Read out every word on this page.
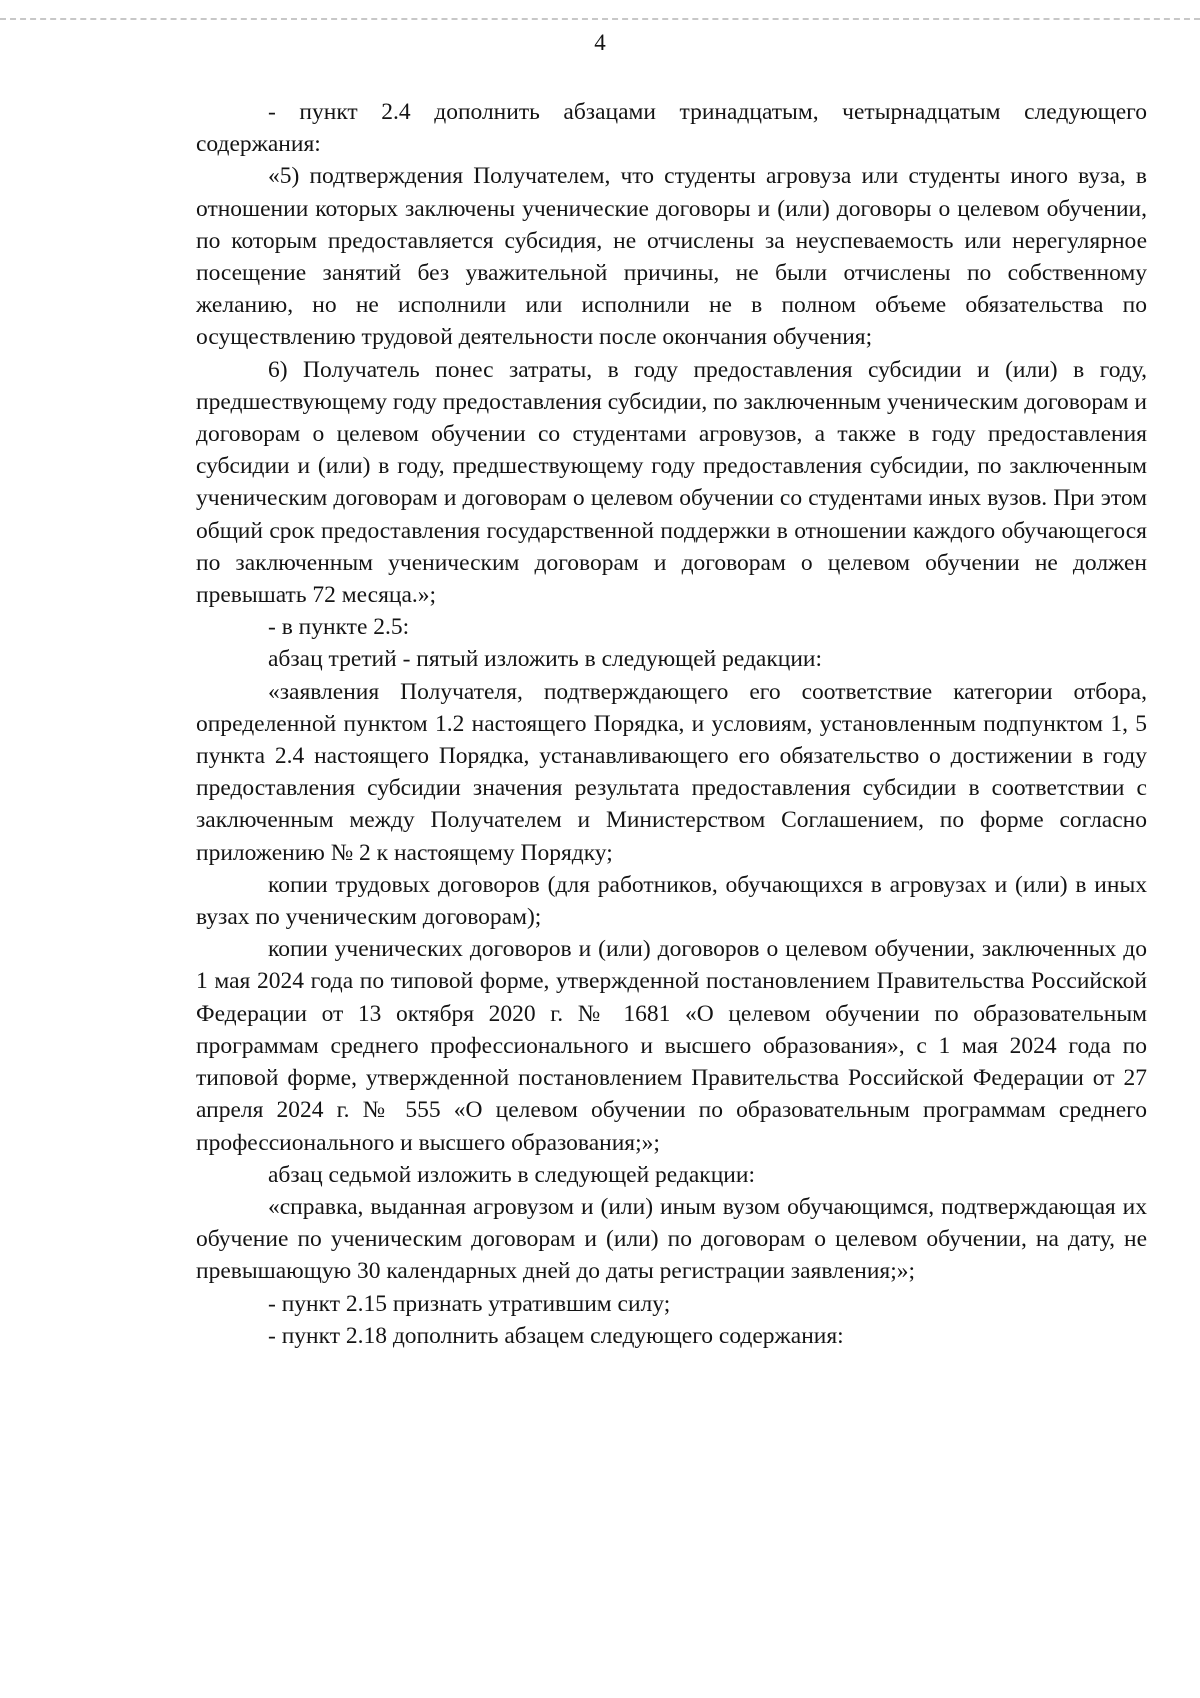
4

- пункт 2.4 дополнить абзацами тринадцатым, четырнадцатым следующего содержания:

«5) подтверждения Получателем, что студенты агровуза или студенты иного вуза, в отношении которых заключены ученические договоры и (или) договоры о целевом обучении, по которым предоставляется субсидия, не отчислены за неуспеваемость или нерегулярное посещение занятий без уважительной причины, не были отчислены по собственному желанию, но не исполнили или исполнили не в полном объеме обязательства по осуществлению трудовой деятельности после окончания обучения;

6) Получатель понес затраты, в году предоставления субсидии и (или) в году, предшествующему году предоставления субсидии, по заключенным ученическим договорам и договорам о целевом обучении со студентами агровузов, а также в году предоставления субсидии и (или) в году, предшествующему году предоставления субсидии, по заключенным ученическим договорам и договорам о целевом обучении со студентами иных вузов. При этом общий срок предоставления государственной поддержки в отношении каждого обучающегося по заключенным ученическим договорам и договорам о целевом обучении не должен превышать 72 месяца.»;

- в пункте 2.5:

абзац третий - пятый изложить в следующей редакции:

«заявления Получателя, подтверждающего его соответствие категории отбора, определенной пунктом 1.2 настоящего Порядка, и условиям, установленным подпунктом 1, 5 пункта 2.4 настоящего Порядка, устанавливающего его обязательство о достижении в году предоставления субсидии значения результата предоставления субсидии в соответствии с заключенным между Получателем и Министерством Соглашением, по форме согласно приложению № 2 к настоящему Порядку;

копии трудовых договоров (для работников, обучающихся в агровузах и (или) в иных вузах по ученическим договорам);

копии ученических договоров и (или) договоров о целевом обучении, заключенных до 1 мая 2024 года по типовой форме, утвержденной постановлением Правительства Российской Федерации от 13 октября 2020 г. № 1681 «О целевом обучении по образовательным программам среднего профессионального и высшего образования», с 1 мая 2024 года по типовой форме, утвержденной постановлением Правительства Российской Федерации от 27 апреля 2024 г. № 555 «О целевом обучении по образовательным программам среднего профессионального и высшего образования;»;

абзац седьмой изложить в следующей редакции:

«справка, выданная агровузом и (или) иным вузом обучающимся, подтверждающая их обучение по ученическим договорам и (или) по договорам о целевом обучении, на дату, не превышающую 30 календарных дней до даты регистрации заявления;»;

- пункт 2.15 признать утратившим силу;

- пункт 2.18 дополнить абзацем следующего содержания:
